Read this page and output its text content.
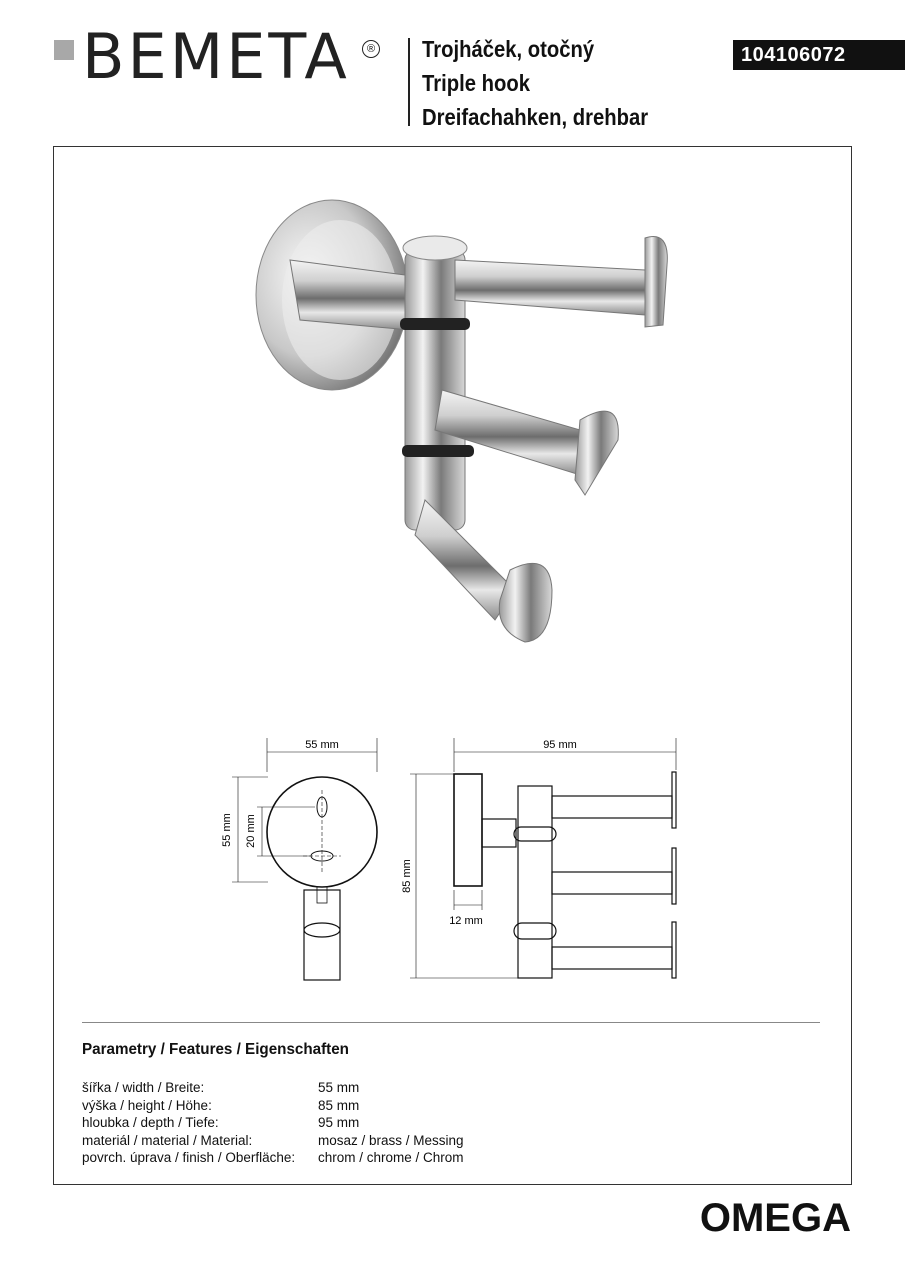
BEMETA	® Trojháček, otočný
Triple hook
Dreifachahken, drehbar
104106072
55 mm
55 mm 20 mm
95 mm
85 mm
12 mm
Parametry / Features / Eigenschaften
šířka / width / Breite:	55 mm
výška / height / Höhe:	85 mm
hloubka / depth / Tiefe:	95 mm
materiál / material / Material:	mosaz / brass / Messing
povrch. úprava / finish / Oberfläche: chrom / chrome / Chrom
OMEGA
